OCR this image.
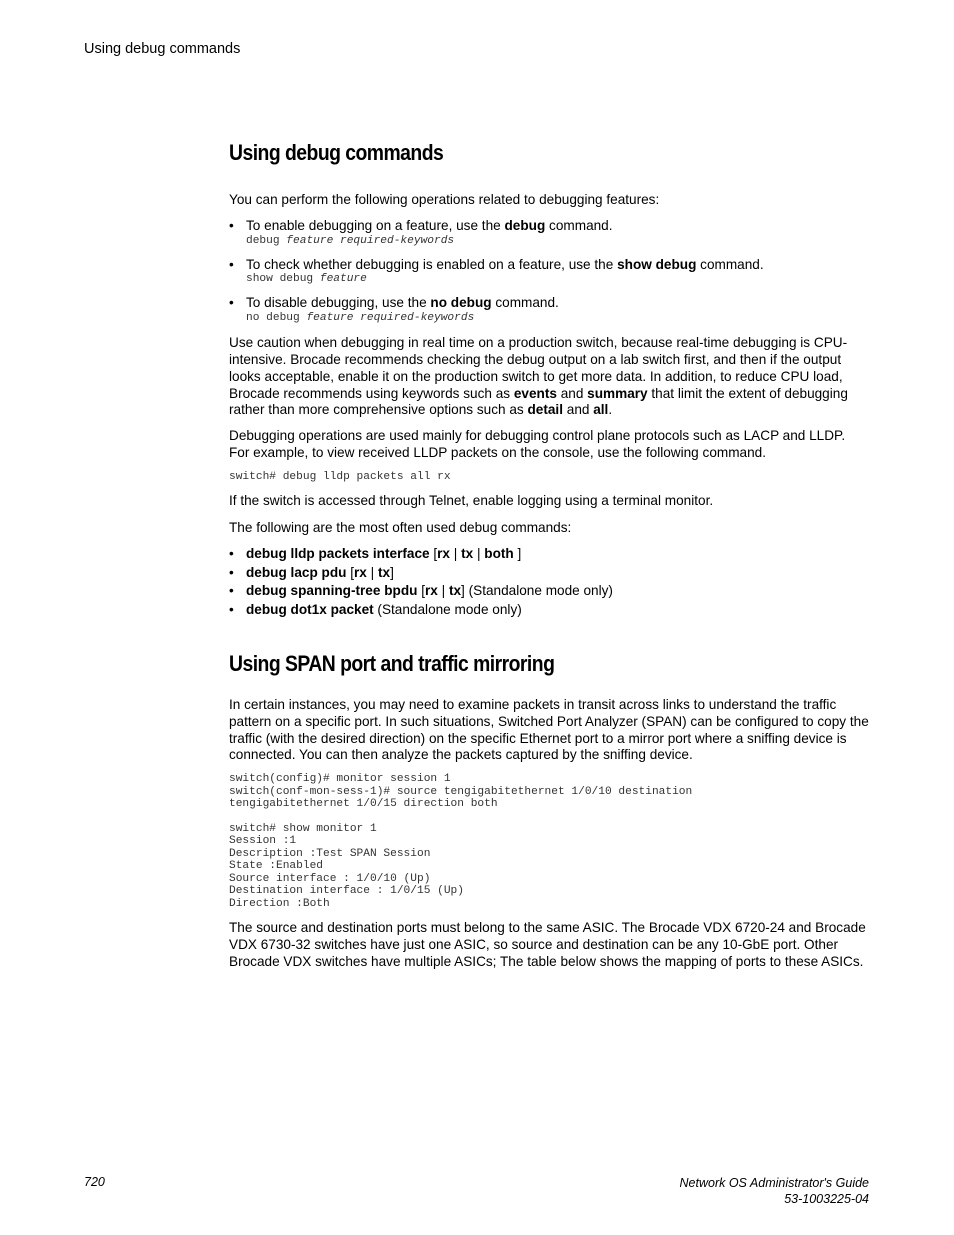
Using debug commands
Using debug commands

You can perform the following operations related to debugging features:

• To enable debugging on a feature, use the debug command.

debug feature required-keywords
• To check whether debugging is enabled on a feature, use the show debug command.

show debug feature
• To disable debugging, use the no debug command.

no debug feature required-keywords

Use caution when debugging in real time on a production switch, because real-time debugging is CPU-intensive. Brocade recommends checking the debug output on a lab switch first, and then if the output looks acceptable, enable it on the production switch to get more data. In addition, to reduce CPU load, Brocade recommends using keywords such as events and summary that limit the extent of debugging rather than more comprehensive options such as detail and all.

Debugging operations are used mainly for debugging control plane protocols such as LACP and LLDP. For example, to view received LLDP packets on the console, use the following command.

switch# debug lldp packets all rx

If the switch is accessed through Telnet, enable logging using a terminal monitor.

The following are the most often used debug commands:

• debug lldp packets interface [rx | tx | both ]

• debug lacp pdu [rx | tx]

• debug spanning-tree bpdu [rx | tx] (Standalone mode only)

• debug dot1x packet (Standalone mode only)

Using SPAN port and traffic mirroring

In certain instances, you may need to examine packets in transit across links to understand the traffic pattern on a specific port. In such situations, Switched Port Analyzer (SPAN) can be configured to copy the traffic (with the desired direction) on the specific Ethernet port to a mirror port where a sniffing device is connected. You can then analyze the packets captured by the sniffing device.

switch(config)# monitor session 1
switch(conf-mon-sess-1)# source tengigabitethernet 1/0/10 destination
tengigabitethernet 1/0/15 direction both
switch# show monitor 1
Session :1
Description :Test SPAN Session
State :Enabled
Source interface : 1/0/10 (Up)
Destination interface : 1/0/15 (Up)
Direction :Both

The source and destination ports must belong to the same ASIC. The Brocade VDX 6720-24 and Brocade VDX 6730-32 switches have just one ASIC, so source and destination can be any 10-GbE port. Other Brocade VDX switches have multiple ASICs; The table below shows the mapping of ports to these ASICs.

720	Network OS Administrator's Guide
53-1003225-04
